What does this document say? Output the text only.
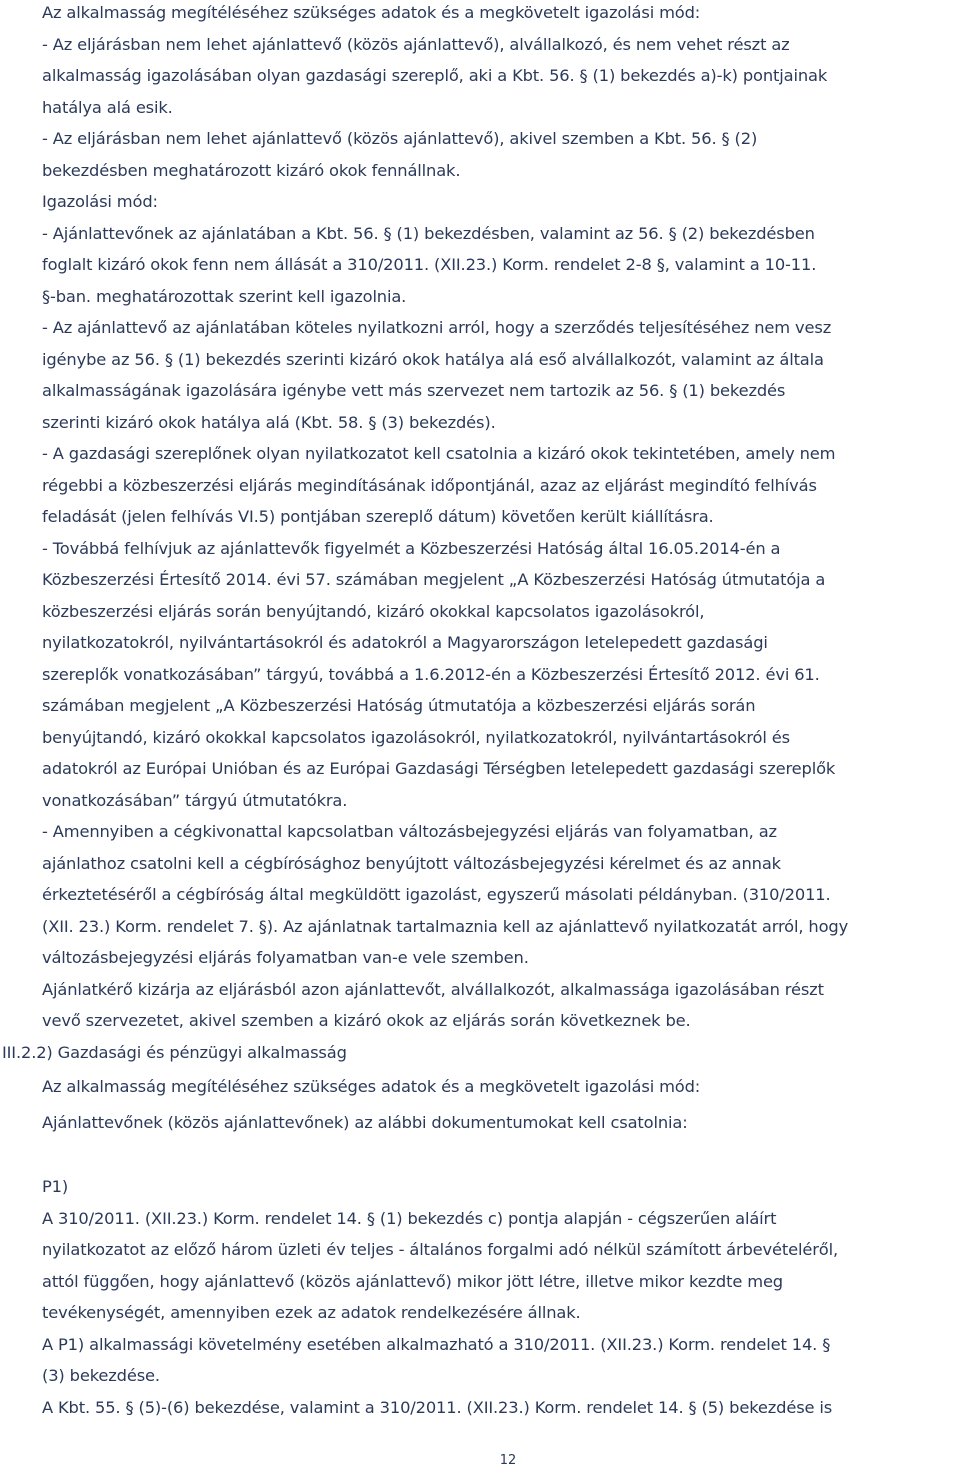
Az alkalmasság megítéléséhez szükséges adatok és a megkövetelt igazolási mód:
- Az eljárásban nem lehet ajánlattevő (közös ajánlattevő), alvállalkozó, és nem vehet részt az
alkalmasság igazolásában olyan gazdasági szereplő, aki a Kbt. 56. § (1) bekezdés a)-k) pontjainak
hatálya alá esik.
- Az eljárásban nem lehet ajánlattevő (közös ajánlattevő), akivel szemben a Kbt. 56. § (2)
bekezdésben meghatározott kizáró okok fennállnak.
Igazolási mód:
- Ajánlattevőnek az ajánlatában a Kbt. 56. § (1) bekezdésben, valamint az 56. § (2) bekezdésben
foglalt kizáró okok fenn nem állását a 310/2011. (XII.23.) Korm. rendelet 2-8 §, valamint a 10-11.
§-ban. meghatározottak szerint kell igazolnia.
- Az ajánlattevő az ajánlatában köteles nyilatkozni arról, hogy a szerződés teljesítéséhez nem vesz
igénybe az 56. § (1) bekezdés szerinti kizáró okok hatálya alá eső alvállalkozót, valamint az általa
alkalmasságának igazolására igénybe vett más szervezet nem tartozik az 56. § (1) bekezdés
szerinti kizáró okok hatálya alá (Kbt. 58. § (3) bekezdés).
- A gazdasági szereplőnek olyan nyilatkozatot kell csatolnia a kizáró okok tekintetében, amely nem
régebbi a közbeszerzési eljárás megindításának időpontjánál, azaz az eljárást megindító felhívás
feladását (jelen felhívás VI.5) pontjában szereplő dátum) követően került kiállításra.
- Továbbá felhívjuk az ajánlattevők figyelmét a Közbeszerzési Hatóság által 16.05.2014-én a
Közbeszerzési Értesítő 2014. évi 57. számában megjelent „A Közbeszerzési Hatóság útmutatója a
közbeszerzési eljárás során benyújtandó, kizáró okokkal kapcsolatos igazolásokról,
nyilatkozatokról, nyilvántartásokról és adatokról a Magyarországon letelepedett gazdasági
szereplők vonatkozásában” tárgyú, továbbá a 1.6.2012-én a Közbeszerzési Értesítő 2012. évi 61.
számában megjelent „A Közbeszerzési Hatóság útmutatója a közbeszerzési eljárás során
benyújtandó, kizáró okokkal kapcsolatos igazolásokról, nyilatkozatokról, nyilvántartásokról és
adatokról az Európai Unióban és az Európai Gazdasági Térségben letelepedett gazdasági szereplők
vonatkozásában” tárgyú útmutatókra.
- Amennyiben a cégkivonattal kapcsolatban változásbejegyzési eljárás van folyamatban, az
ajánlathoz csatolni kell a cégbírósághoz benyújtott változásbejegyzési kérelmet és az annak
érkeztetéséről a cégbíróság által megküldött igazolást, egyszerű másolati példányban. (310/2011.
(XII. 23.) Korm. rendelet 7. §). Az ajánlatnak tartalmaznia kell az ajánlattevő nyilatkozatát arról, hogy
változásbejegyzési eljárás folyamatban van-e vele szemben.
Ajánlatkérő kizárja az eljárásból azon ajánlattevőt, alvállalkozót, alkalmassága igazolásában részt
vevő szervezetet, akivel szemben a kizáró okok az eljárás során következnek be.
III.2.2) Gazdasági és pénzügyi alkalmasság
Az alkalmasság megítéléséhez szükséges adatok és a megkövetelt igazolási mód:
Ajánlattevőnek (közös ajánlattevőnek) az alábbi dokumentumokat kell csatolnia:
P1)
A 310/2011. (XII.23.) Korm. rendelet 14. § (1) bekezdés c) pontja alapján - cégszerűen aláírt
nyilatkozatot az előző három üzleti év teljes - általános forgalmi adó nélkül számított árbevételéről,
attól függően, hogy ajánlattevő (közös ajánlattevő) mikor jött létre, illetve mikor kezdte meg
tevékenységét, amennyiben ezek az adatok rendelkezésére állnak.
A P1) alkalmassági követelmény esetében alkalmazható a 310/2011. (XII.23.) Korm. rendelet 14. §
(3) bekezdése.
A Kbt. 55. § (5)-(6) bekezdése, valamint a 310/2011. (XII.23.) Korm. rendelet 14. § (5) bekezdése is
12
